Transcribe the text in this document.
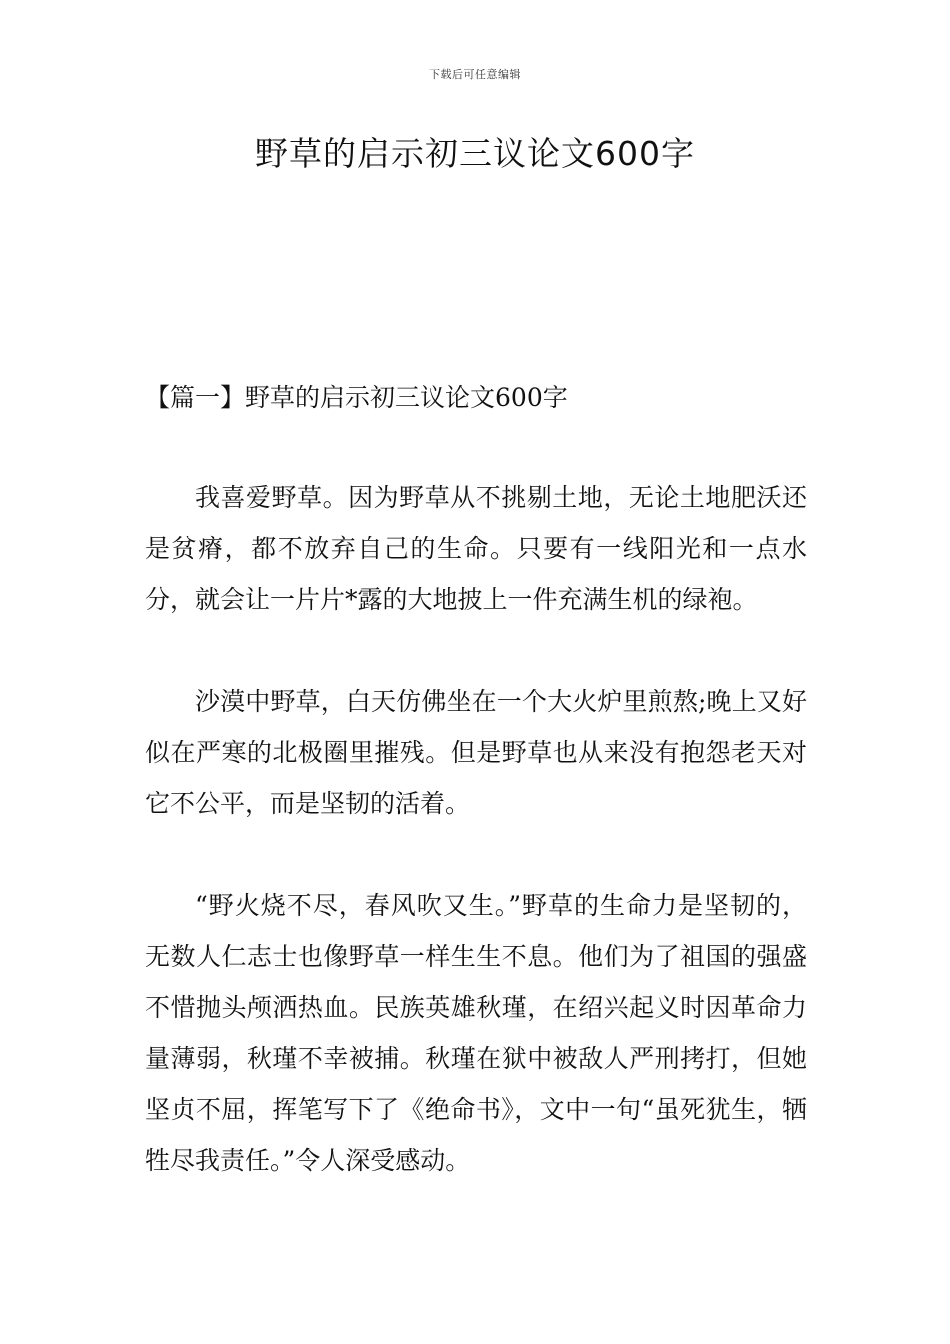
下载后可任意编辑
野草的启示初三议论文600字
【篇一】野草的启示初三议论文600字

我喜爱野草。因为野草从不挑剔土地，无论土地肥沃还是贫瘠，都不放弃自己的生命。只要有一线阳光和一点水分，就会让一片片*露的大地披上一件充满生机的绿袍。

沙漠中野草，白天仿佛坐在一个大火炉里煎熬;晚上又好似在严寒的北极圈里摧残。但是野草也从来没有抱怨老天对它不公平，而是坚韧的活着。

“野火烧不尽，春风吹又生。”野草的生命力是坚韧的，无数人仁志士也像野草一样生生不息。他们为了祖国的强盛不惜抛头颅洒热血。民族英雄秋瑾，在绍兴起义时因革命力量薄弱，秋瑾不幸被捕。秋瑾在狱中被敌人严刑拷打，但她坚贞不屈，挥笔写下了《绝命书》，文中一句“虽死犹生，牺牲尽我责任。”令人深受感动。
